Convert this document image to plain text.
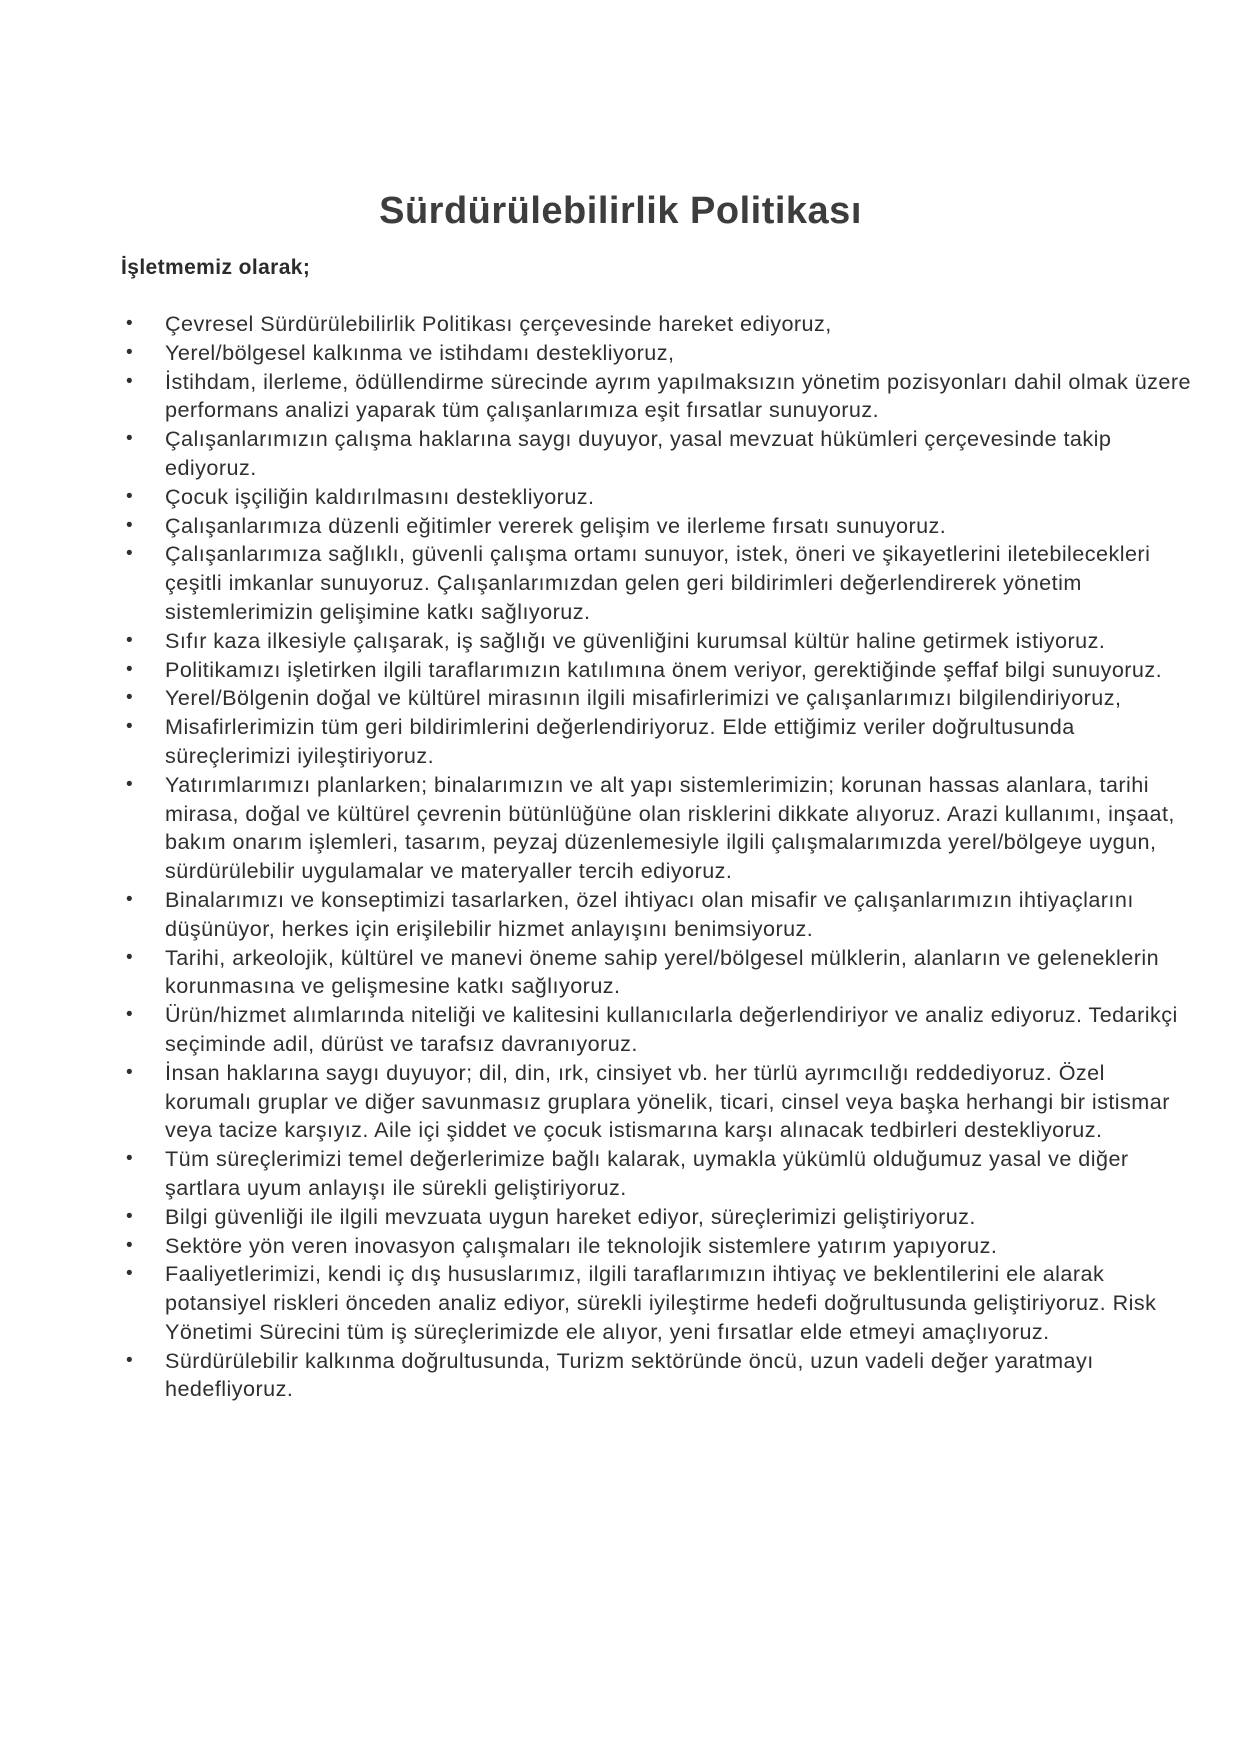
Sürdürülebilirlik Politikası

İşletmemiz olarak;

• Çevresel Sürdürülebilirlik Politikası çerçevesinde hareket ediyoruz,
• Yerel/bölgesel kalkınma ve istihdamı destekliyoruz,
• İstihdam, ilerleme, ödüllendirme sürecinde ayrım yapılmaksızın yönetim pozisyonları dahil olmak üzere performans analizi yaparak tüm çalışanlarımıza eşit fırsatlar sunuyoruz.
• Çalışanlarımızın çalışma haklarına saygı duyuyor, yasal mevzuat hükümleri çerçevesinde takip ediyoruz.
• Çocuk işçiliğin kaldırılmasını destekliyoruz.
• Çalışanlarımıza düzenli eğitimler vererek gelişim ve ilerleme fırsatı sunuyoruz.
• Çalışanlarımıza sağlıklı, güvenli çalışma ortamı sunuyor, istek, öneri ve şikayetlerini iletebilecekleri çeşitli imkanlar sunuyoruz. Çalışanlarımızdan gelen geri bildirimleri değerlendirerek yönetim sistemlerimizin gelişimine katkı sağlıyoruz.
• Sıfır kaza ilkesiyle çalışarak, iş sağlığı ve güvenliğini kurumsal kültür haline getirmek istiyoruz.
• Politikamızı işletirken ilgili taraflarımızın katılımına önem veriyor, gerektiğinde şeffaf bilgi sunuyoruz.
• Yerel/Bölgenin doğal ve kültürel mirasının ilgili misafirlerimizi ve çalışanlarımızı bilgilendiriyoruz,
• Misafirlerimizin tüm geri bildirimlerini değerlendiriyoruz. Elde ettiğimiz veriler doğrultusunda süreçlerimizi iyileştiriyoruz.
• Yatırımlarımızı planlarken; binalarımızın ve alt yapı sistemlerimizin; korunan hassas alanlara, tarihi mirasa, doğal ve kültürel çevrenin bütünlüğüne olan risklerini dikkate alıyoruz. Arazi kullanımı, inşaat, bakım onarım işlemleri, tasarım, peyzaj düzenlemesiyle ilgili çalışmalarımızda yerel/bölgeye uygun, sürdürülebilir uygulamalar ve materyaller tercih ediyoruz.
• Binalarımızı ve konseptimizi tasarlarken, özel ihtiyacı olan misafir ve çalışanlarımızın ihtiyaçlarını düşünüyor, herkes için erişilebilir hizmet anlayışını benimsiyoruz.
• Tarihi, arkeolojik, kültürel ve manevi öneme sahip yerel/bölgesel mülklerin, alanların ve geleneklerin korunmasına ve gelişmesine katkı sağlıyoruz.
• Ürün/hizmet alımlarında niteliği ve kalitesini kullanıcılarla değerlendiriyor ve analiz ediyoruz. Tedarikçi seçiminde adil, dürüst ve tarafsız davranıyoruz.
• İnsan haklarına saygı duyuyor; dil, din, ırk, cinsiyet vb. her türlü ayrımcılığı reddediyoruz. Özel korumalı gruplar ve diğer savunmasız gruplara yönelik, ticari, cinsel veya başka herhangi bir istismar veya tacize karşıyız. Aile içi şiddet ve çocuk istismarına karşı alınacak tedbirleri destekliyoruz.
• Tüm süreçlerimizi temel değerlerimize bağlı kalarak, uymakla yükümlü olduğumuz yasal ve diğer şartlara uyum anlayışı ile sürekli geliştiriyoruz.
• Bilgi güvenliği ile ilgili mevzuata uygun hareket ediyor, süreçlerimizi geliştiriyoruz.
• Sektöre yön veren inovasyon çalışmaları ile teknolojik sistemlere yatırım yapıyoruz.
• Faaliyetlerimizi, kendi iç dış hususlarımız, ilgili taraflarımızın ihtiyaç ve beklentilerini ele alarak potansiyel riskleri önceden analiz ediyor, sürekli iyileştirme hedefi doğrultusunda geliştiriyoruz. Risk Yönetimi Sürecini tüm iş süreçlerimizde ele alıyor, yeni fırsatlar elde etmeyi amaçlıyoruz.
• Sürdürülebilir kalkınma doğrultusunda, Turizm sektöründe öncü, uzun vadeli değer yaratmayı hedefliyoruz.
